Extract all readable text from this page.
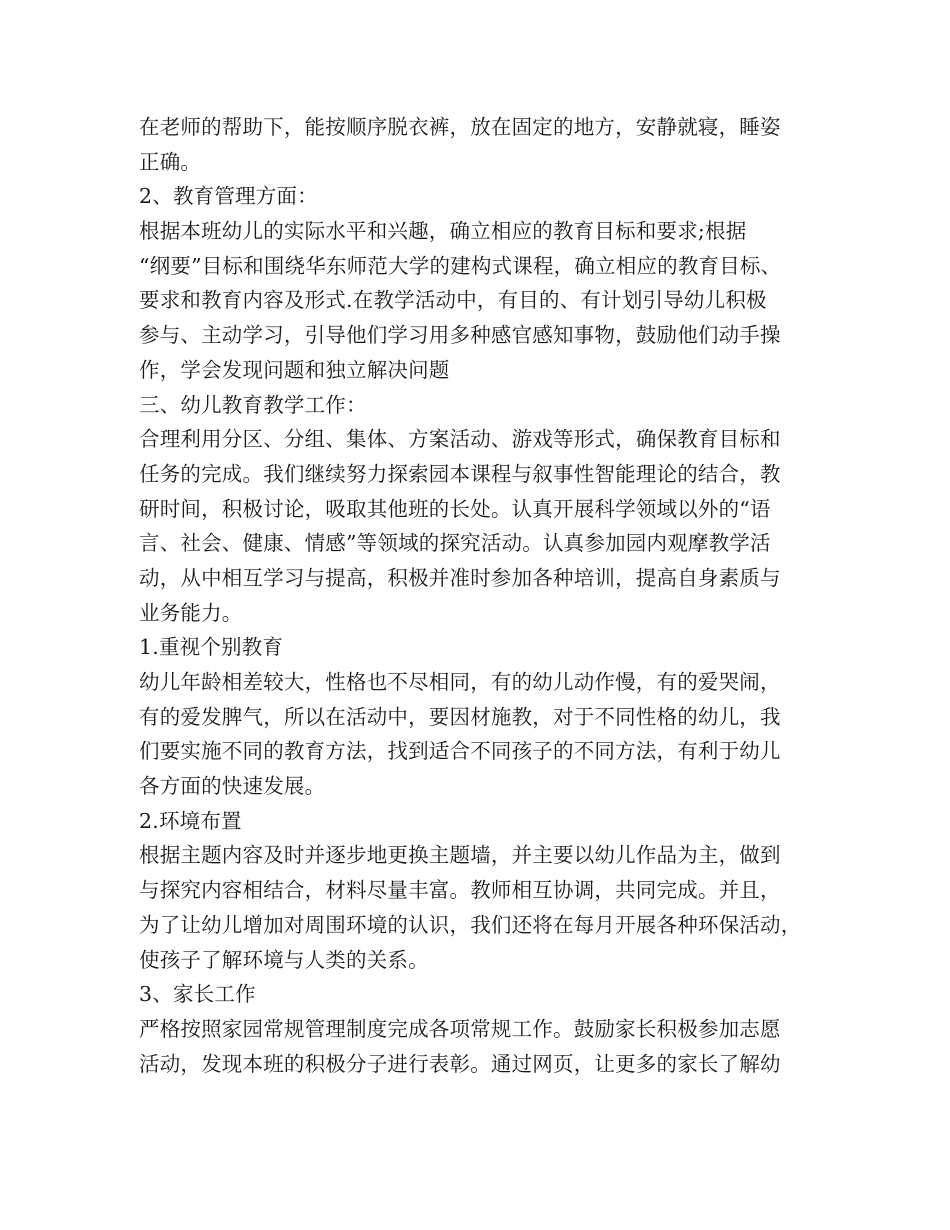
在老师的帮助下，能按顺序脱衣裤，放在固定的地方，安静就寝，睡姿
正确。
2、教育管理方面：
根据本班幼儿的实际水平和兴趣，确立相应的教育目标和要求;根据
“纲要”目标和围绕华东师范大学的建构式课程，确立相应的教育目标、
要求和教育内容及形式.在教学活动中，有目的、有计划引导幼儿积极
参与、主动学习，引导他们学习用多种感官感知事物，鼓励他们动手操
作，学会发现问题和独立解决问题
三、幼儿教育教学工作：
合理利用分区、分组、集体、方案活动、游戏等形式，确保教育目标和
任务的完成。我们继续努力探索园本课程与叙事性智能理论的结合，教
研时间，积极讨论，吸取其他班的长处。认真开展科学领域以外的“语
言、社会、健康、情感”等领域的探究活动。认真参加园内观摩教学活
动，从中相互学习与提高，积极并准时参加各种培训，提高自身素质与
业务能力。
1.重视个别教育
幼儿年龄相差较大，性格也不尽相同，有的幼儿动作慢，有的爱哭闹，
有的爱发脾气，所以在活动中，要因材施教，对于不同性格的幼儿，我
们要实施不同的教育方法，找到适合不同孩子的不同方法，有利于幼儿
各方面的快速发展。
2.环境布置
根据主题内容及时并逐步地更换主题墙，并主要以幼儿作品为主，做到
与探究内容相结合，材料尽量丰富。教师相互协调，共同完成。并且，
为了让幼儿增加对周围环境的认识，我们还将在每月开展各种环保活动，
使孩子了解环境与人类的关系。
3、家长工作
严格按照家园常规管理制度完成各项常规工作。鼓励家长积极参加志愿
活动，发现本班的积极分子进行表彰。通过网页，让更多的家长了解幼
